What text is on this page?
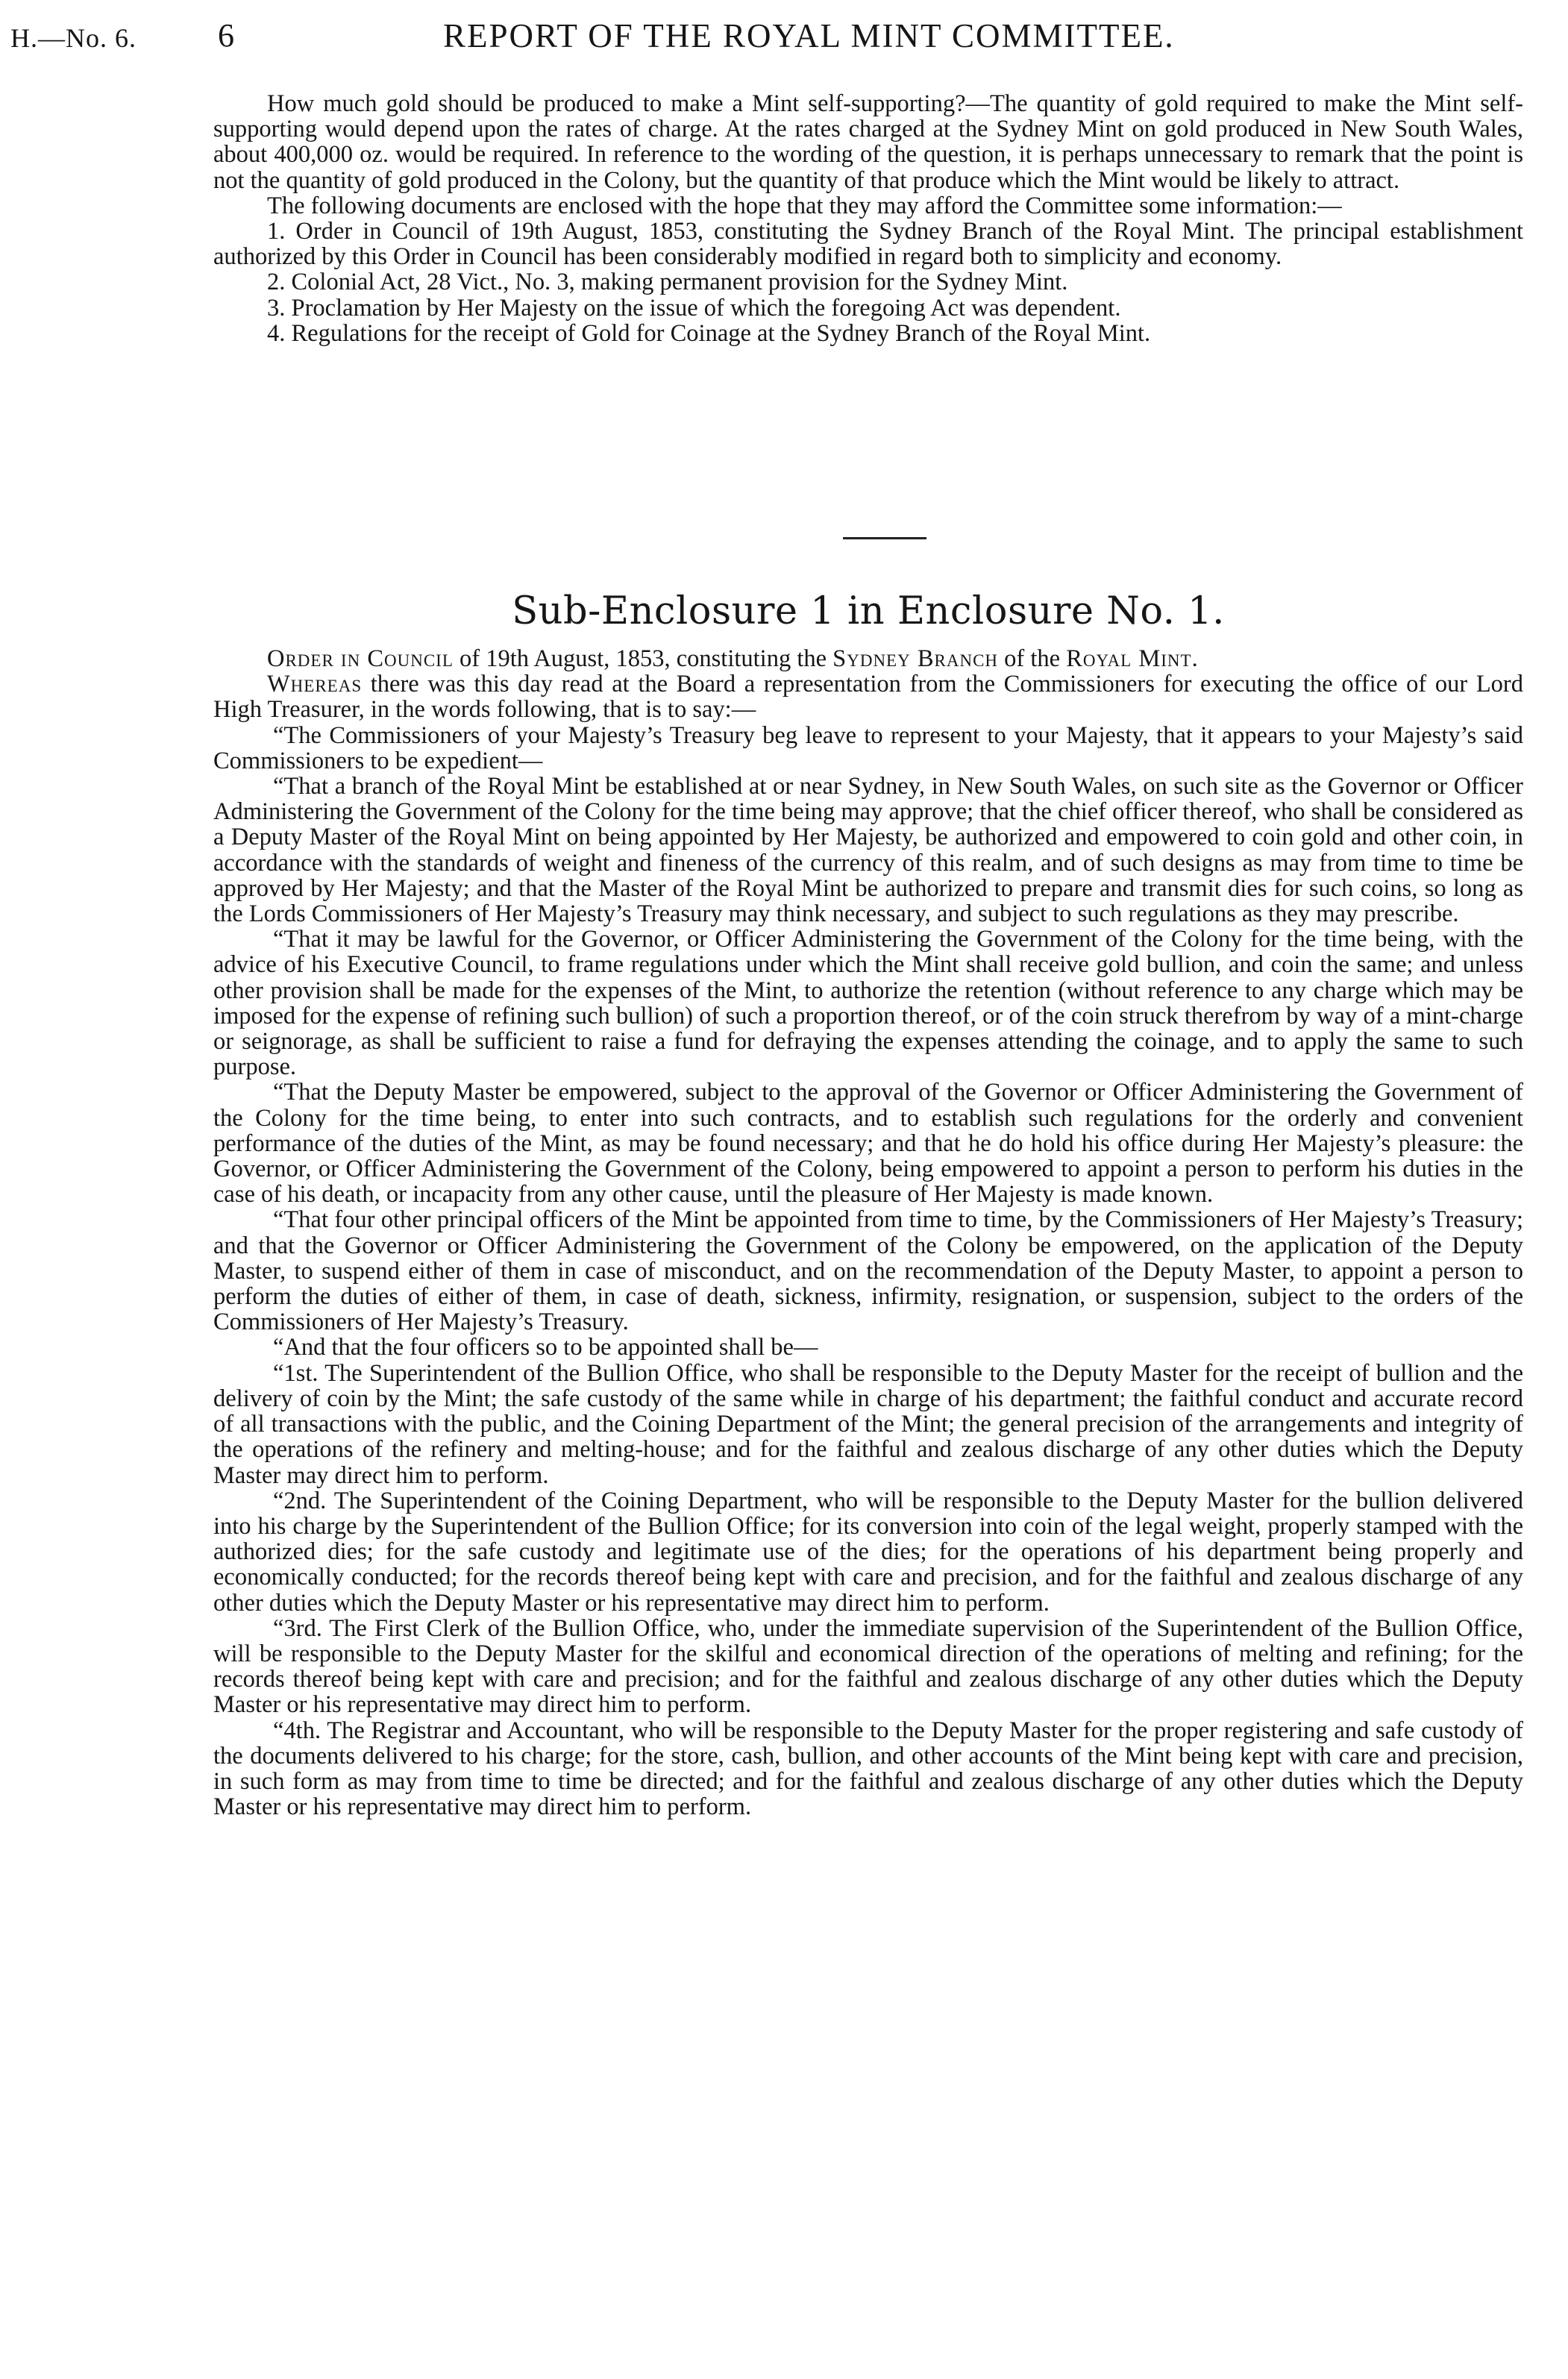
H.—No. 6. 6	REPORT OF THE ROYAL MINT COMMITTEE.

How much gold should be produced to make a Mint self-supporting?—The quantity of gold required to make the Mint self-supporting would depend upon the rates of charge. At the rates charged at the Sydney Mint on gold produced in New South Wales, about 400,000 oz. would be required. In reference to the wording of the question, it is perhaps unnecessary to remark that the point is not the quantity of gold produced in the Colony, but the quantity of that produce which the Mint would be likely to attract.

The following documents are enclosed with the hope that they may afford the Committee some information:—

1. Order in Council of 19th August, 1853, constituting the Sydney Branch of the Royal Mint. The principal establishment authorized by this Order in Council has been considerably modified in regard both to simplicity and economy.

2. Colonial Act, 28 Vict., No. 3, making permanent provision for the Sydney Mint.

3. Proclamation by Her Majesty on the issue of which the foregoing Act was dependent.

4. Regulations for the receipt of Gold for Coinage at the Sydney Branch of the Royal Mint.

Sub-Enclosure 1 in Enclosure No. 1.

Order in Council of 19th August, 1853, constituting the Sydney Branch of the Royal Mint.

Whereas there was this day read at the Board a representation from the Commissioners for executing the office of our Lord High Treasurer, in the words following, that is to say:—

“The Commissioners of your Majesty’s Treasury beg leave to represent to your Majesty, that it appears to your Majesty’s said Commissioners to be expedient—

“That a branch of the Royal Mint be established at or near Sydney, in New South Wales, on such site as the Governor or Officer Administering the Government of the Colony for the time being may approve; that the chief officer thereof, who shall be considered as a Deputy Master of the Royal Mint on being appointed by Her Majesty, be authorized and empowered to coin gold and other coin, in accordance with the standards of weight and fineness of the currency of this realm, and of such designs as may from time to time be approved by Her Majesty; and that the Master of the Royal Mint be authorized to prepare and transmit dies for such coins, so long as the Lords Commissioners of Her Majesty’s Treasury may think necessary, and subject to such regulations as they may prescribe.

“That it may be lawful for the Governor, or Officer Administering the Government of the Colony for the time being, with the advice of his Executive Council, to frame regulations under which the Mint shall receive gold bullion, and coin the same; and unless other provision shall be made for the expenses of the Mint, to authorize the retention (without reference to any charge which may be imposed for the expense of refining such bullion) of such a proportion thereof, or of the coin struck therefrom by way of a mint-charge or seignorage, as shall be sufficient to raise a fund for defraying the expenses attending the coinage, and to apply the same to such purpose.

“That the Deputy Master be empowered, subject to the approval of the Governor or Officer Administering the Government of the Colony for the time being, to enter into such contracts, and to establish such regulations for the orderly and convenient performance of the duties of the Mint, as may be found necessary; and that he do hold his office during Her Majesty’s pleasure: the Governor, or Officer Administering the Government of the Colony, being empowered to appoint a person to perform his duties in the case of his death, or incapacity from any other cause, until the pleasure of Her Majesty is made known.

“That four other principal officers of the Mint be appointed from time to time, by the Commissioners of Her Majesty’s Treasury; and that the Governor or Officer Administering the Government of the Colony be empowered, on the application of the Deputy Master, to suspend either of them in case of misconduct, and on the recommendation of the Deputy Master, to appoint a person to perform the duties of either of them, in case of death, sickness, infirmity, resignation, or suspension, subject to the orders of the Commissioners of Her Majesty’s Treasury.

“And that the four officers so to be appointed shall be—

“1st. The Superintendent of the Bullion Office, who shall be responsible to the Deputy Master for the receipt of bullion and the delivery of coin by the Mint; the safe custody of the same while in charge of his department; the faithful conduct and accurate record of all transactions with the public, and the Coining Department of the Mint; the general precision of the arrangements and integrity of the operations of the refinery and melting-house; and for the faithful and zealous discharge of any other duties which the Deputy Master may direct him to perform.

“2nd. The Superintendent of the Coining Department, who will be responsible to the Deputy Master for the bullion delivered into his charge by the Superintendent of the Bullion Office; for its conversion into coin of the legal weight, properly stamped with the authorized dies; for the safe custody and legitimate use of the dies; for the operations of his department being properly and economically conducted; for the records thereof being kept with care and precision, and for the faithful and zealous discharge of any other duties which the Deputy Master or his representative may direct him to perform.

“3rd. The First Clerk of the Bullion Office, who, under the immediate supervision of the Superintendent of the Bullion Office, will be responsible to the Deputy Master for the skilful and economical direction of the operations of melting and refining; for the records thereof being kept with care and precision; and for the faithful and zealous discharge of any other duties which the Deputy Master or his representative may direct him to perform.

“4th. The Registrar and Accountant, who will be responsible to the Deputy Master for the proper registering and safe custody of the documents delivered to his charge; for the store, cash, bullion, and other accounts of the Mint being kept with care and precision, in such form as may from time to time be directed; and for the faithful and zealous discharge of any other duties which the Deputy Master or his representative may direct him to perform.
